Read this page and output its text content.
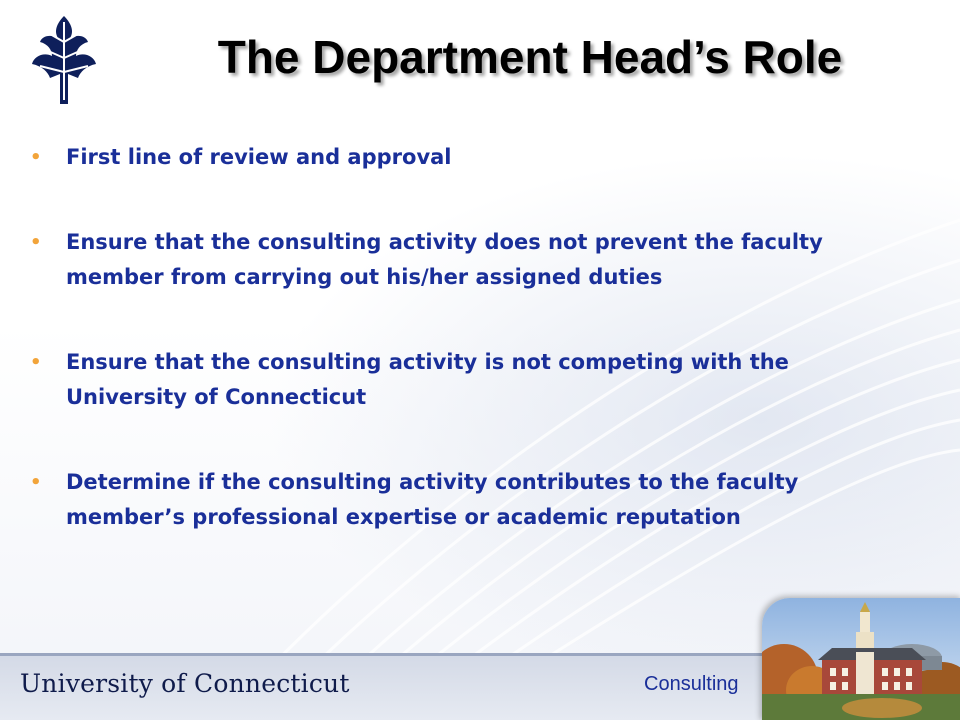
The Department Head’s Role
• First line of review and approval
• Ensure that the consulting activity does not prevent the faculty member from carrying out his/her assigned duties
• Ensure that the consulting activity is not competing with the University of Connecticut
• Determine if the consulting activity contributes to the faculty member’s professional expertise or academic reputation
University of Connecticut	Consulting
